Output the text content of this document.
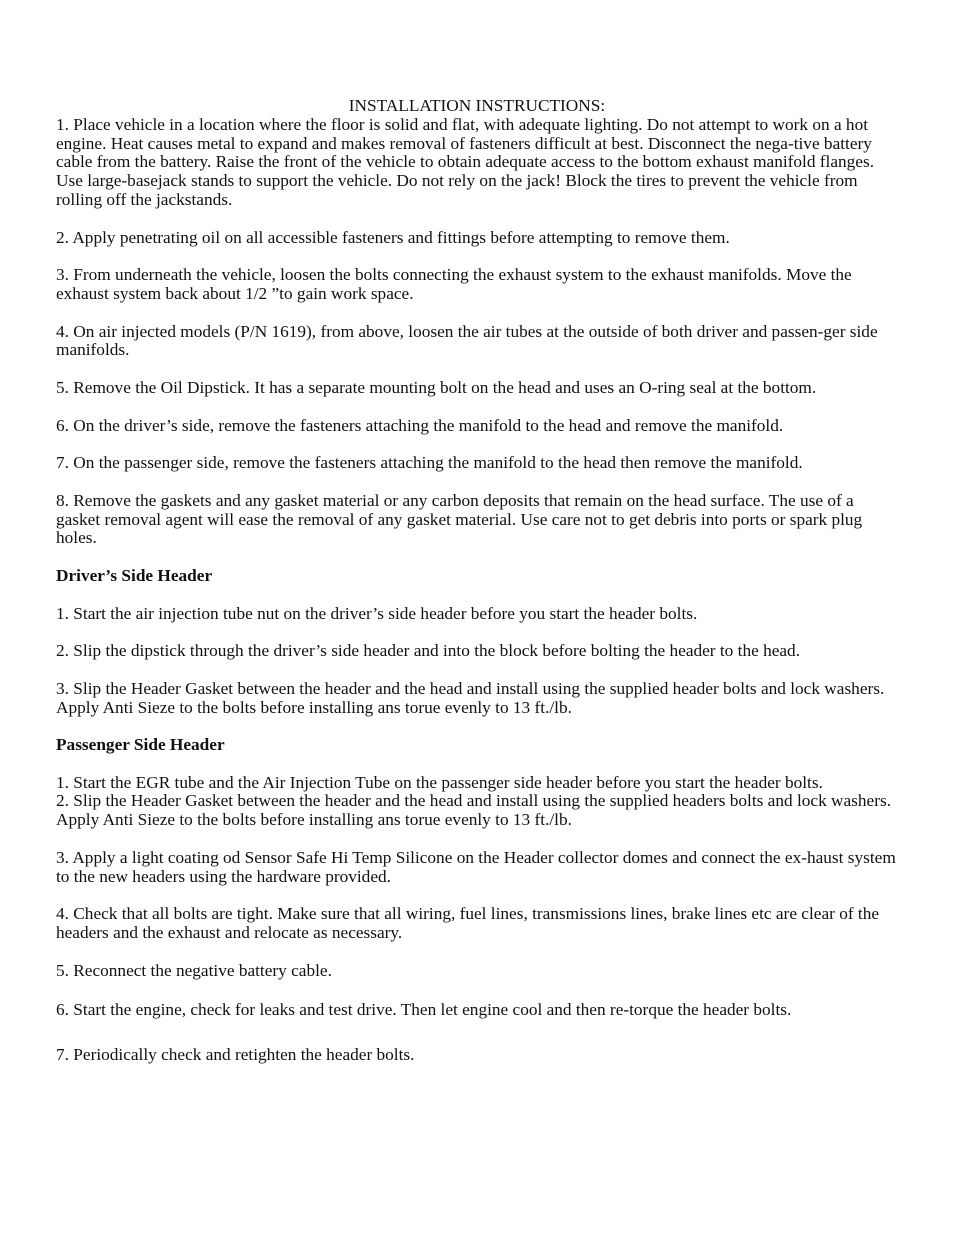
INSTALLATION INSTRUCTIONS:

1. Place vehicle in a location where the floor is solid and flat, with adequate lighting. Do not attempt to work on a hot engine. Heat causes metal to expand and makes removal of fasteners difficult at best. Disconnect the nega-tive battery cable from the battery. Raise the front of the vehicle to obtain adequate access to the bottom exhaust manifold flanges. Use large-basejack stands to support the vehicle. Do not rely on the jack! Block the tires to prevent the vehicle from rolling off the jackstands.

2. Apply penetrating oil on all accessible fasteners and fittings before attempting to remove them.

3. From underneath the vehicle, loosen the bolts connecting the exhaust system to the exhaust manifolds. Move the exhaust system back about 1/2 ”to gain work space.

4. On air injected models (P/N 1619), from above, loosen the air tubes at the outside of both driver and passen-ger side manifolds.

5. Remove the Oil Dipstick. It has a separate mounting bolt on the head and uses an O-ring seal at the bottom.

6. On the driver’s side, remove the fasteners attaching the manifold to the head and remove the manifold.

7. On the passenger side, remove the fasteners attaching the manifold to the head then remove the manifold.

8. Remove the gaskets and any gasket material or any carbon deposits that remain on the head surface. The use of a gasket removal agent will ease the removal of any gasket material. Use care not to get debris into ports or spark plug holes.

Driver’s Side Header

1. Start the air injection tube nut on the driver’s side header before you start the header bolts.

2. Slip the dipstick through the driver’s side header and into the block before bolting the header to the head.

3. Slip the Header Gasket between the header and the head and install using the supplied header bolts and lock washers. Apply Anti Sieze to the bolts before installing ans torue evenly to 13 ft./lb.

Passenger Side Header

1. Start the EGR tube and the Air Injection Tube on the passenger side header before you start the header bolts.

2. Slip the Header Gasket between the header and the head and install using the supplied headers bolts and lock washers. Apply Anti Sieze to the bolts before installing ans torue evenly to 13 ft./lb.

3. Apply a light coating od Sensor Safe Hi Temp Silicone on the Header collector domes and connect the ex-haust system to the new headers using the hardware provided.

4. Check that all bolts are tight. Make sure that all wiring, fuel lines, transmissions lines, brake lines etc are clear of the headers and the exhaust and relocate as necessary.

5. Reconnect the negative battery cable.

6. Start the engine, check for leaks and test drive. Then let engine cool and then re-torque the header bolts.

7. Periodically check and retighten the header bolts.
